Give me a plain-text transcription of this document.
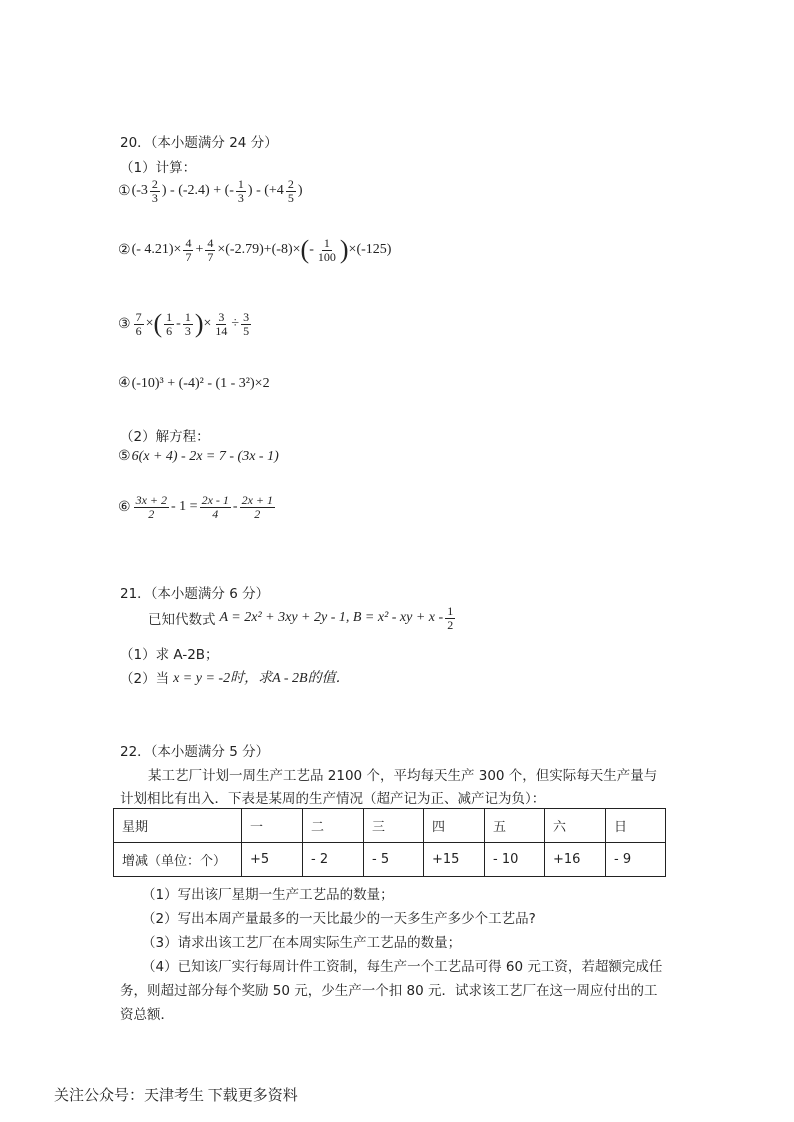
20．（本小题满分 24 分）
（1）计算：
① ($-3 \frac{2}{3}$ ) - (-2.4) + (- $\frac{1}{3}$ ) - ($+4 \frac{2}{5}$ )
② (- $4.21)\times \frac{4}{7} + \frac{4}{7} \times(-2.79)+(-8)\times$ ( - $\frac{1}{100}$ ) ×(-125)
③ $\frac{7}{6}$ × ( $\frac{1}{6} - \frac{1}{3}$ ) × $\frac{3}{14} \div \frac{3}{5}$
④ (-10)³ + (-4)² - (1 - 3²)×2
（2）解方程：
⑤ 6(x + 4) - 2x = 7 - (3x - 1)
⑥ $\frac{3x + 2}{2} - 1 = \frac{2x - 1}{4} - \frac{2x + 1}{2}$
21．（本小题满分 6 分）
已知代数式 A = 2x² + 3xy + 2y - 1, B = x² - xy + x - $\frac{1}{2}$
（1）求 A-2B；
（2）当 x = y = -2时，求A - 2B的值．
22．（本小题满分 5 分）
某工艺厂计划一周生产工艺品 2100 个，平均每天生产 300 个，但实际每天生产量与
计划相比有出入．下表是某周的生产情况（超产记为正、减产记为负）：
星期	一	二	三	四	五	六	日
增减（单位：个）	+5	- 2	- 5	+15	- 10	+16	- 9
（1）写出该厂星期一生产工艺品的数量；
（2）写出本周产量最多的一天比最少的一天多生产多少个工艺品?
（3）请求出该工艺厂在本周实际生产工艺品的数量；
（4）已知该厂实行每周计件工资制，每生产一个工艺品可得 60 元工资，若超额完成任
务，则超过部分每个奖励 50 元，少生产一个扣 80 元．试求该工艺厂在这一周应付出的工
资总额．
关注公众号：天津考生 下载更多资料
